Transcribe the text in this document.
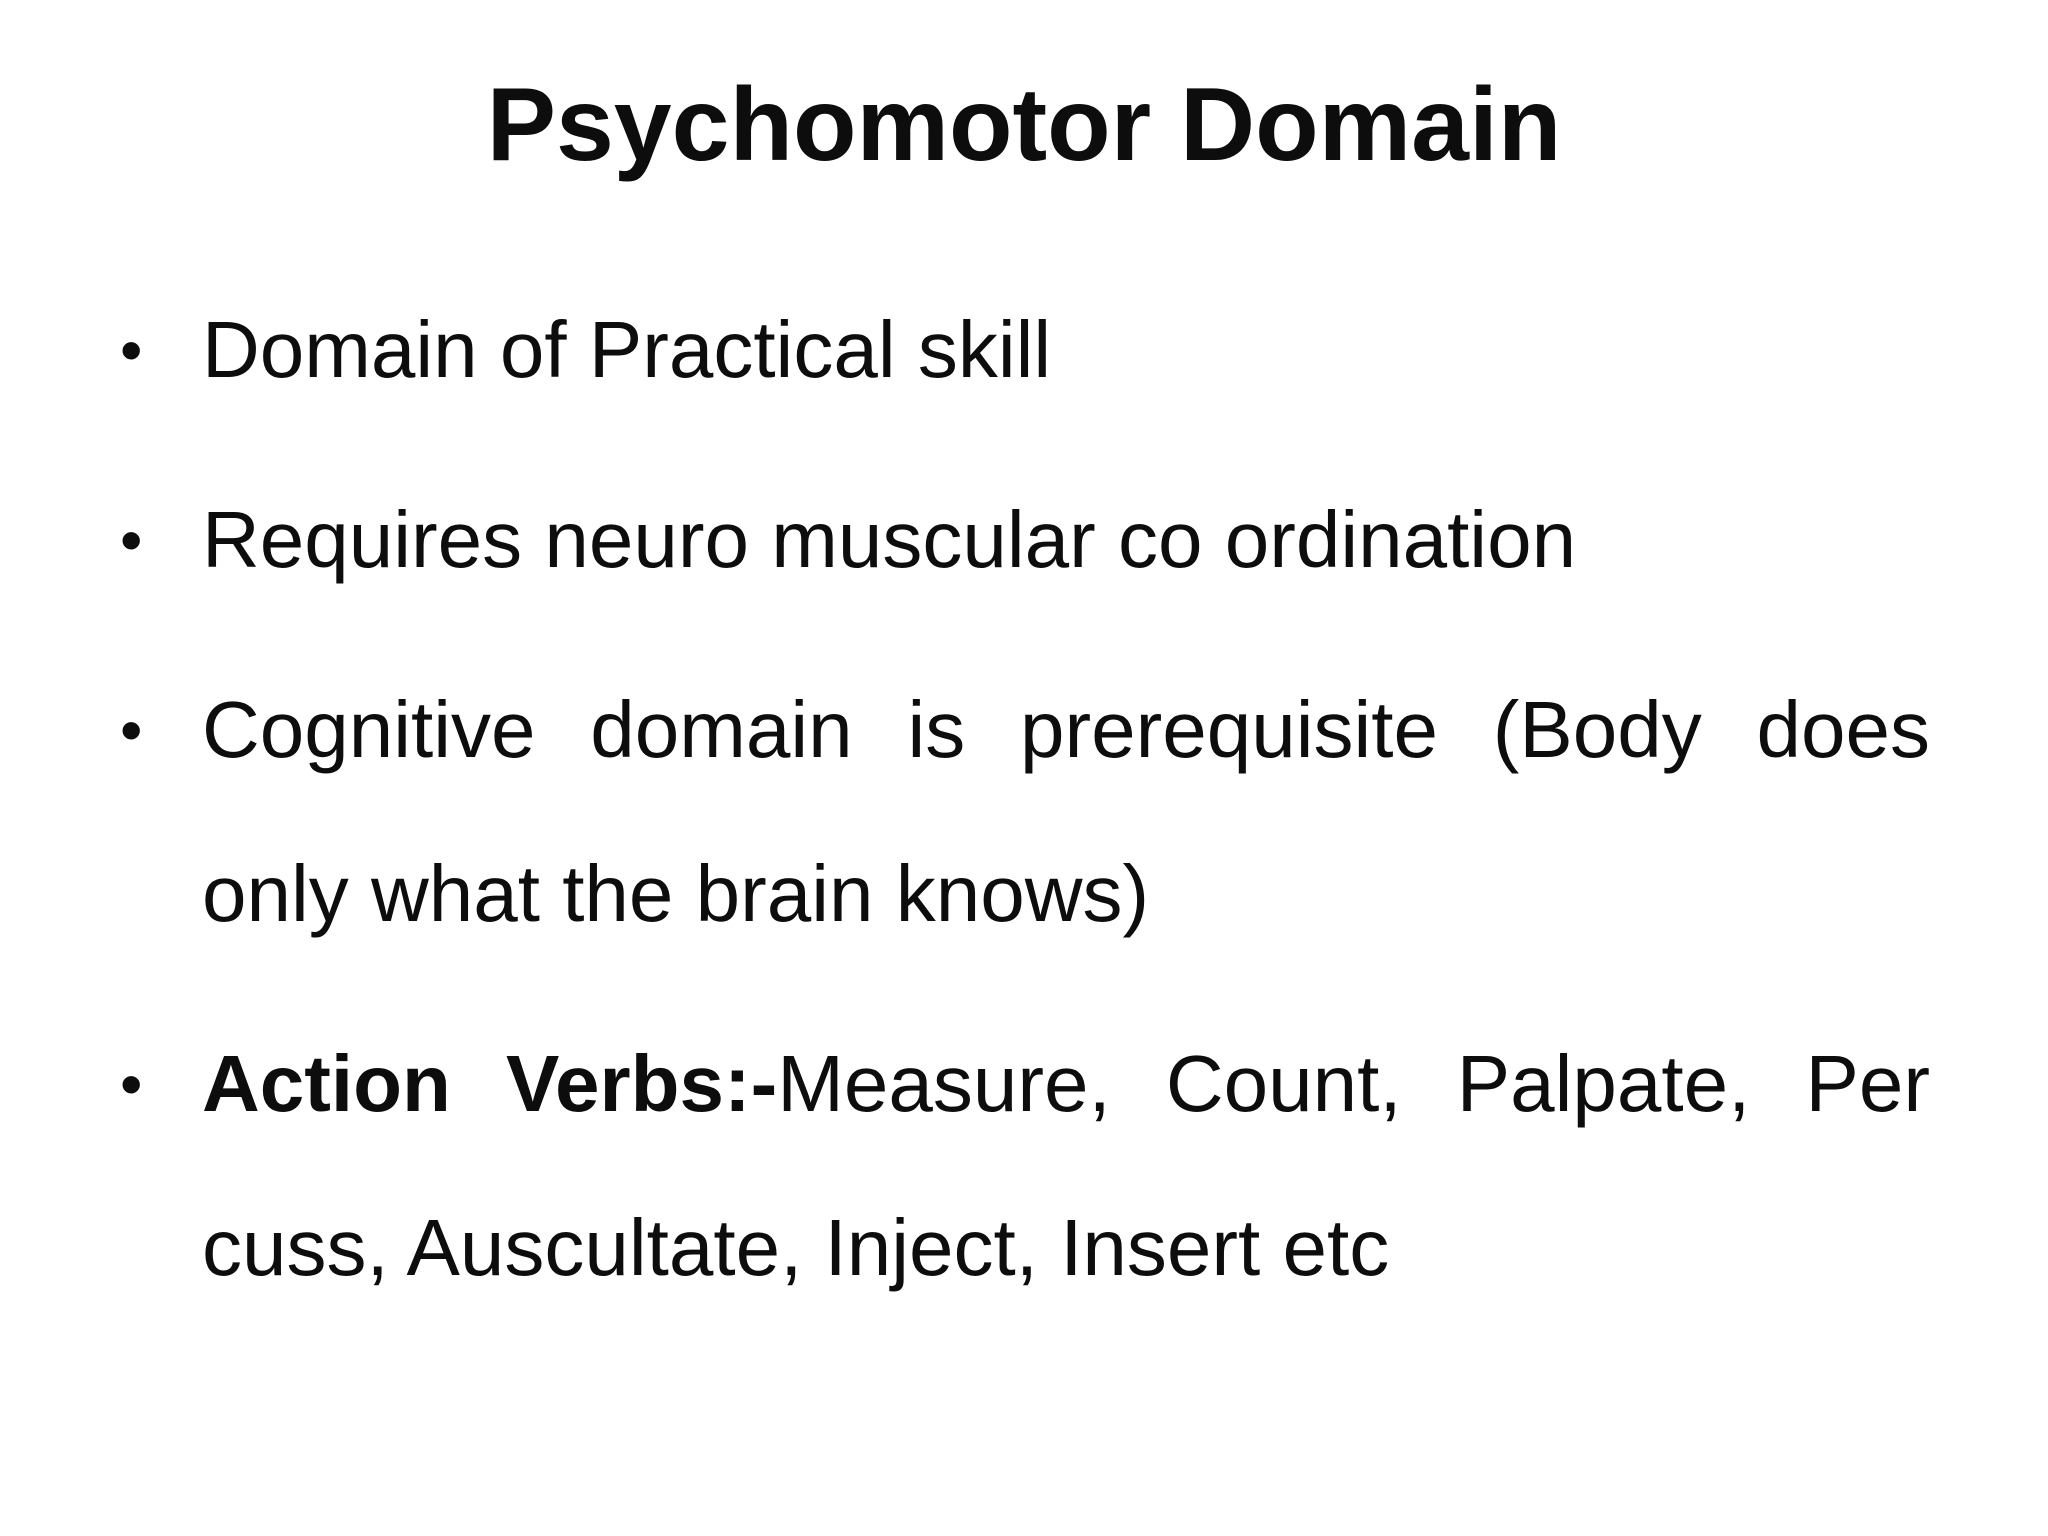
Psychomotor Domain
• Domain of Practical skill
• Requires neuro muscular co ordination
• Cognitive domain is prerequisite (Body does only what the brain knows)
• Action Verbs:-Measure, Count, Palpate, Per cuss, Auscultate, Inject, Insert etc
